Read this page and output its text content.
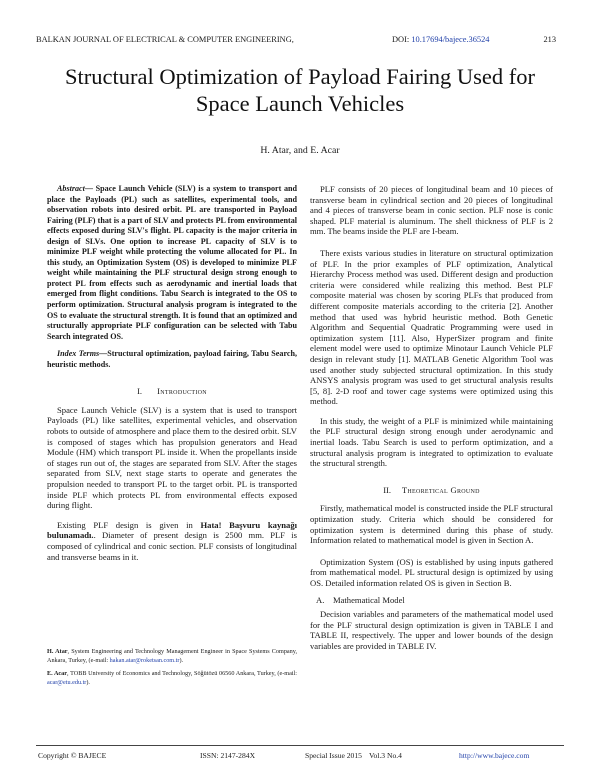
BALKAN JOURNAL OF ELECTRICAL & COMPUTER ENGINEERING,	DOI: 10.17694/bajece.36524	213
Structural Optimization of Payload Fairing Used for Space Launch Vehicles
H. Atar, and E. Acar

Abstract— Space Launch Vehicle (SLV) is a system to transport and place the Payloads (PL) such as satellites, experimental tools, and observation robots into desired orbit. PL are transported in Payload Fairing (PLF) that is a part of SLV and protects PL from environmental effects exposed during SLV's flight. PL capacity is the major criteria in design of SLVs. One option to increase PL capacity of SLV is to minimize PLF weight while protecting the volume allocated for PL. In this study, an Optimization System (OS) is developed to minimize PLF weight while maintaining the PLF structural design strong enough to protect PL from effects such as aerodynamic and inertial loads that emerged from flight conditions. Tabu Search is integrated to the OS to perform optimization. Structural analysis program is integrated to the OS to evaluate the structural strength. It is found that an optimized and structurally appropriate PLF configuration can be selected with Tabu Search integrated OS.

Index Terms—Structural optimization, payload fairing, Tabu Search, heuristic methods.

I. Introduction

Space Launch Vehicle (SLV) is a system that is used to transport Payloads (PL) like satellites, experimental vehicles, and observation robots to outside of atmosphere and place them to the desired orbit. SLV is composed of stages which has propulsion generators and Head Module (HM) which transport PL inside it. When the propellants inside of stages run out of, the stages are separated from SLV. After the stages separated from SLV, next stage starts to operate and generates the propulsion needed to transport PL to the target orbit. PL is transported inside PLF which protects PL from environmental effects exposed during flight.

Existing PLF design is given in Hata! Başvuru kaynağı bulunamadı.. Diameter of present design is 2500 mm. PLF is composed of cylindrical and conic section. PLF consists of longitudinal and transverse beams in it.

H. Atar, System Engineering and Technology Management Engineer in Space Systems Company, Ankara, Turkey, (e-mail: hakan.atar@roketsan.com.tr).
E. Acar, TOBB University of Economics and Technology, Söğütözü 06560 Ankara, Turkey, (e-mail: acar@etu.edu.tr).

PLF consists of 20 pieces of longitudinal beam and 10 pieces of transverse beam in cylindrical section and 20 pieces of longitudinal and 4 pieces of transverse beam in conic section. PLF nose is conic shaped. PLF material is aluminum. The shell thickness of PLF is 2 mm. The beams inside the PLF are I-beam.

There exists various studies in literature on structural optimization of PLF. In the prior examples of PLF optimization, Analytical Hierarchy Process method was used. Different design and production criteria were considered while realizing this method. Best PLF composite material was chosen by scoring PLFs that produced from different composite materials according to the criteria [2]. Another method that used was hybrid heuristic method. Both Genetic Algorithm and Sequential Quadratic Programming were used in optimization system [11]. Also, HyperSizer program and finite element model were used to optimize Minotaur Launch Vehicle PLF design in relevant study [1]. MATLAB Genetic Algorithm Tool was used another study subjected structural optimization. In this study ANSYS analysis program was used to get structural analysis results [5, 8]. 2-D roof and tower cage systems were optimized using this method.

In this study, the weight of a PLF is minimized while maintaining the PLF structural design strong enough under aerodynamic and inertial loads. Tabu Search is used to perform optimization, and a structural analysis program is integrated to optimization to evaluate the structural strength.

II. Theoretical Ground

Firstly, mathematical model is constructed inside the PLF structural optimization study. Criteria which should be considered for optimization system is determined during this phase of study. Information related to mathematical model is given in Section A.

Optimization System (OS) is established by using inputs gathered from mathematical model. PL structural design is optimized by using OS. Detailed information related OS is given in Section B.

A. Mathematical Model

Decision variables and parameters of the mathematical model used for the PLF structural design optimization is given in TABLE I and TABLE II, respectively. The upper and lower bounds of the design variables are provided in TABLE IV.

Copyright © BAJECE	ISSN: 2147-284X	Special Issue 2015 Vol.3 No.4	http://www.bajece.com
